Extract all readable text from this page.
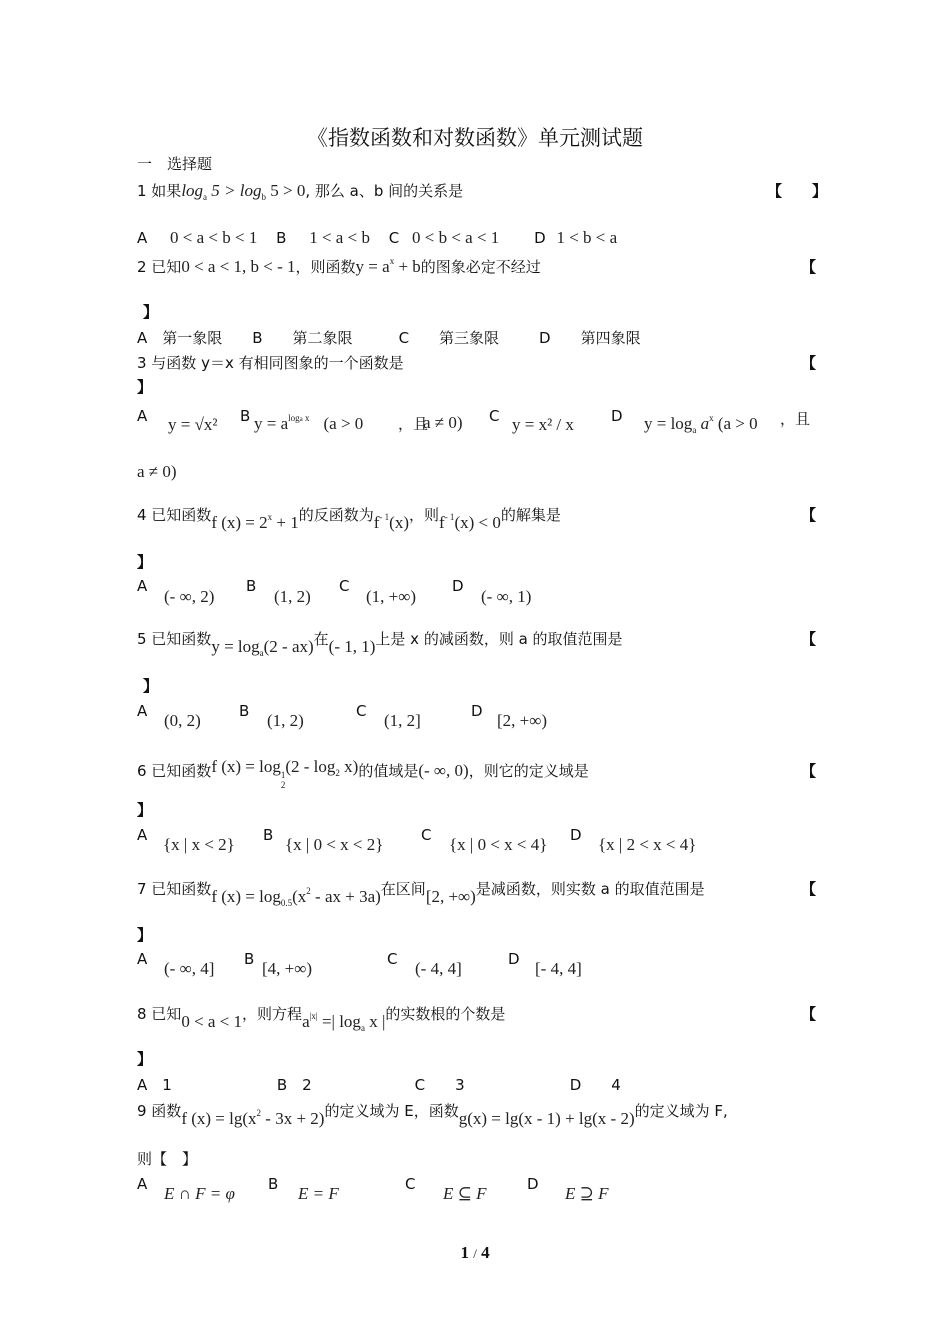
《指数函数和对数函数》单元测试题
一　选择题
1 如果$\log_a 5 > \log_b 5 > 0$, 那么 a、b 间的关系是	【　　】
A 0 < a < b < 1 B 1 < a < b C 0 < b < a < 1 D 1 < b < a
2 已知0 < a < 1, b < - 1，则函数$y = a^x + b$的图象必定不经过	【
】
A　第一象限 B　　第二象限	C　　第三象限	D　　第四象限
3 与函数 y＝x 有相同图象的一个函数是	【
】
A y = √x² B $y = a^{loga x}$ (a > 0 ，且
a ≠ 0) C y = x² / x D $y = \log_a a^x$ (a > 0 ，且
a ≠ 0)
4 已知函数f $(x) = 2^x + 1$的反函数为$f^{- 1}(x)$，则$f^{- 1}(x) < 0$的解集是	【
】
A
(- ∞, 2)
B
(1, 2)
C
(1, +∞)
D
(- ∞, 1)
5 已知函数$y = \log_a(2 - ax)$在(- 1, 1)上是 x 的减函数，则 a 的取值范围是	【
】
A (0, 2)	B (1, 2)	C (1, 2]	D [2, +∞)
6 已知函数f (x) = log1
$2(2 - \log_2 x)$的值域是(- ∞, 0)，则它的定义域是	【
】
A {x | x < 2} B {x | 0 < x < 2}	C {x | 0 < x < 4} D {x | 2 < x < 4}
7 已知函数f $(x) = \log_{0.5}(x^2$ - ax + 3a)在区间[2, +∞)是减函数，则实数 a 的取值范围是	【
】
A (- ∞, 4] B [4, +∞)	C (- 4, 4]	D [- 4, 4]
8 已知0 < a < 1，则方程$a^{|x|}$ =| $\log_a x$ |的实数根的个数是	【
】
A　1	B　2	C　　3	D　　4
9 函数f $(x) = \lg(x^2 - 3x + 2)$的定义域为 E，函数g(x) = lg(x - 1) + lg(x - 2)的定义域为 F,
则【　】
A E ∩ F = φ B E = F	C E ⊆ F	D E ⊇ F
1 / 4
